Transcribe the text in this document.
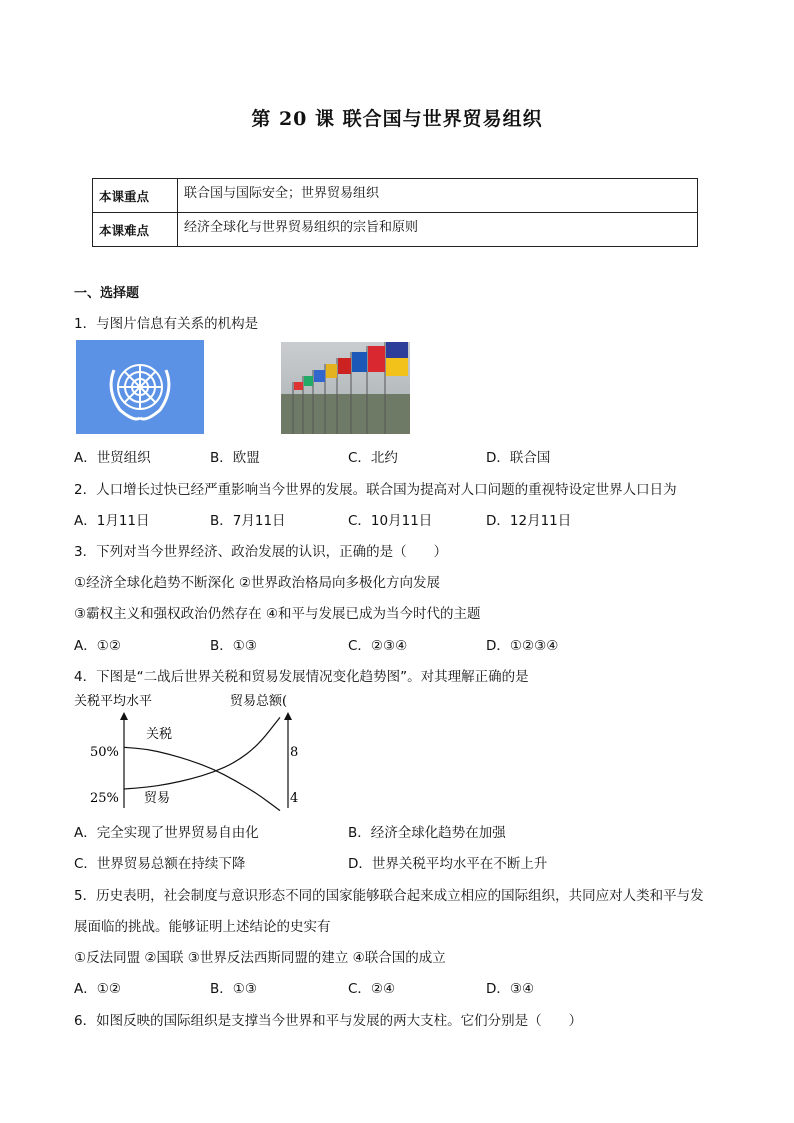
第 20 课 联合国与世界贸易组织
本课重点	联合国与国际安全；世界贸易组织
本课难点	经济全球化与世界贸易组织的宗旨和原则
一、选择题
1．与图片信息有关系的机构是
A．世贸组织	B．欧盟	C．北约	D．联合国
2．人口增长过快已经严重影响当今世界的发展。联合国为提高对人口问题的重视特设定世界人口日为
A．1月11日	B．7月11日	C．10月11日	D．12月11日
3．下列对当今世界经济、政治发展的认识，正确的是（　　）
①经济全球化趋势不断深化 ②世界政治格局向多极化方向发展
③霸权主义和强权政治仍然存在 ④和平与发展已成为当今时代的主题
A．①②	B．①③	C．②③④	D．①②③④
4．下图是“二战后世界关税和贸易发展情况变化趋势图”。对其理解正确的是
关税平均水平	贸易总额(
50%
25%
8
4
关税
贸易
A．完全实现了世界贸易自由化	B．经济全球化趋势在加强
C．世界贸易总额在持续下降	D．世界关税平均水平在不断上升
5．历史表明，社会制度与意识形态不同的国家能够联合起来成立相应的国际组织，共同应对人类和平与发
展面临的挑战。能够证明上述结论的史实有
①反法同盟 ②国联 ③世界反法西斯同盟的建立 ④联合国的成立
A．①②	B．①③	C．②④	D．③④
6．如图反映的国际组织是支撑当今世界和平与发展的两大支柱。它们分别是（　　）
